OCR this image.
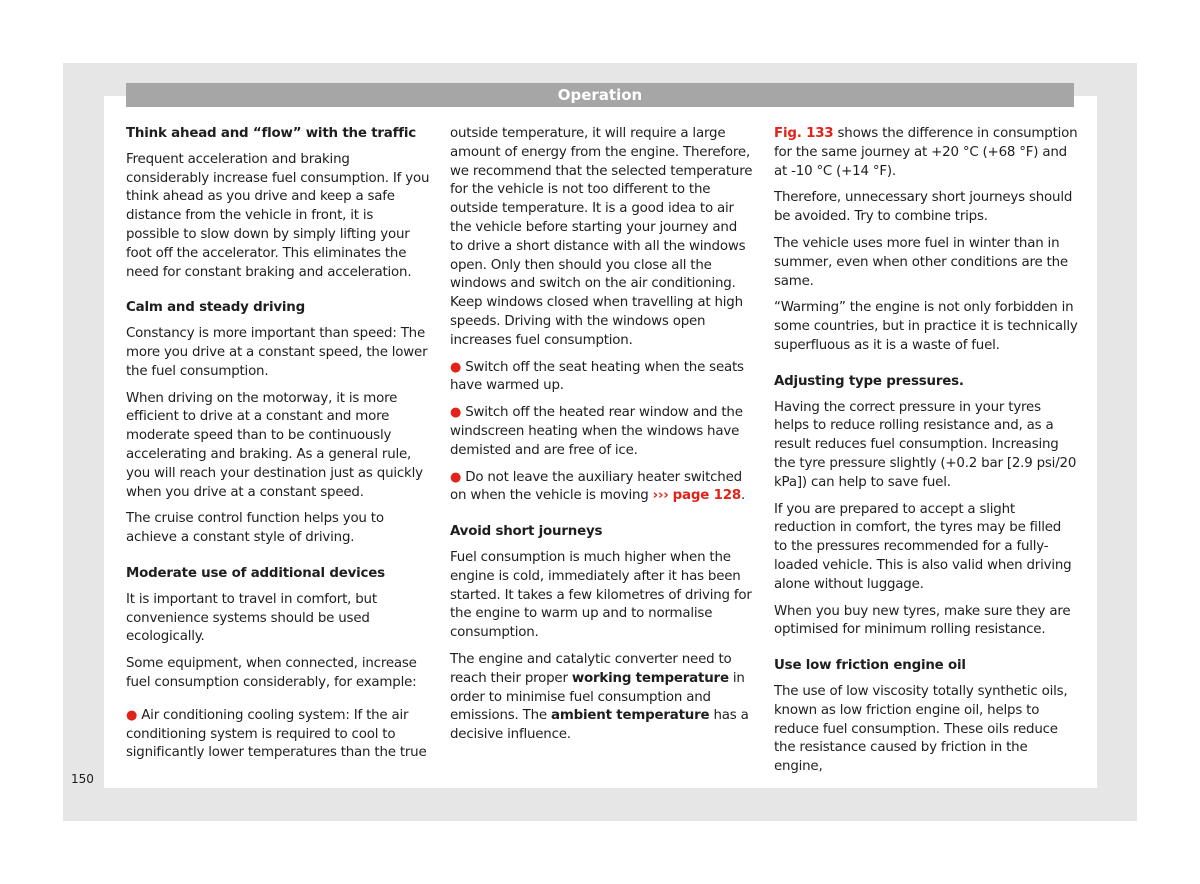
Operation
Think ahead and “flow” with the traffic

Frequent acceleration and braking considerably increase fuel consumption. If you think ahead as you drive and keep a safe distance from the vehicle in front, it is possible to slow down by simply lifting your foot off the accelerator. This eliminates the need for constant braking and acceleration.

Calm and steady driving

Constancy is more important than speed: The more you drive at a constant speed, the lower the fuel consumption.

When driving on the motorway, it is more efficient to drive at a constant and more moderate speed than to be continuously accelerating and braking. As a general rule, you will reach your destination just as quickly when you drive at a constant speed.

The cruise control function helps you to achieve a constant style of driving.

Moderate use of additional devices

It is important to travel in comfort, but convenience systems should be used ecologically.

Some equipment, when connected, increase fuel consumption considerably, for example:

● Air conditioning cooling system: If the air conditioning system is required to cool to significantly lower temperatures than the true

outside temperature, it will require a large amount of energy from the engine. Therefore, we recommend that the selected temperature for the vehicle is not too different to the outside temperature. It is a good idea to air the vehicle before starting your journey and to drive a short distance with all the windows open. Only then should you close all the windows and switch on the air conditioning. Keep windows closed when travelling at high speeds. Driving with the windows open increases fuel consumption.

● Switch off the seat heating when the seats have warmed up.

● Switch off the heated rear window and the windscreen heating when the windows have demisted and are free of ice.

● Do not leave the auxiliary heater switched on when the vehicle is moving ››› page 128.

Avoid short journeys

Fuel consumption is much higher when the engine is cold, immediately after it has been started. It takes a few kilometres of driving for the engine to warm up and to normalise consumption.

The engine and catalytic converter need to reach their proper working temperature in order to minimise fuel consumption and emissions. The ambient temperature has a decisive influence.

Fig. 133 shows the difference in consumption for the same journey at +20 °C (+68 °F) and at -10 °C (+14 °F).

Therefore, unnecessary short journeys should be avoided. Try to combine trips.

The vehicle uses more fuel in winter than in summer, even when other conditions are the same.

“Warming” the engine is not only forbidden in some countries, but in practice it is technically superfluous as it is a waste of fuel.

Adjusting type pressures.

Having the correct pressure in your tyres helps to reduce rolling resistance and, as a result reduces fuel consumption. Increasing the tyre pressure slightly (+0.2 bar [2.9 psi/20 kPa]) can help to save fuel.

If you are prepared to accept a slight reduction in comfort, the tyres may be filled to the pressures recommended for a fully-loaded vehicle. This is also valid when driving alone without luggage.

When you buy new tyres, make sure they are optimised for minimum rolling resistance.

Use low friction engine oil

The use of low viscosity totally synthetic oils, known as low friction engine oil, helps to reduce fuel consumption. These oils reduce the resistance caused by friction in the engine,

150
